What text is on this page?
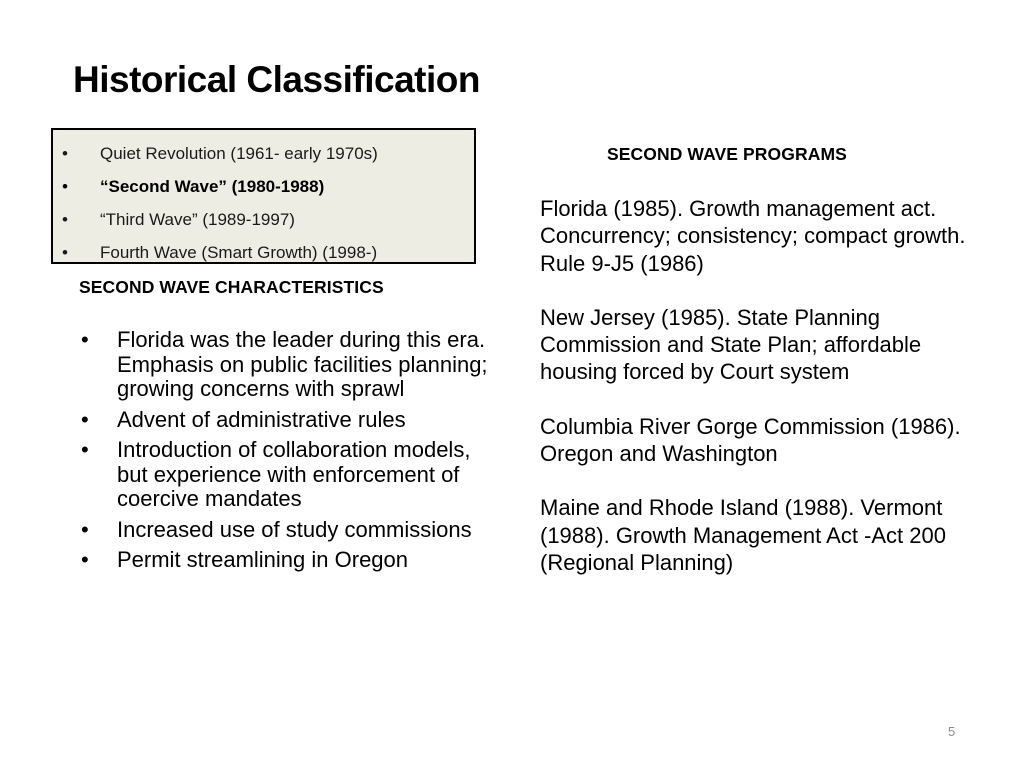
Historical Classification
• Quiet Revolution (1961- early 1970s)
• “Second Wave” (1980-1988)
• “Third Wave” (1989-1997)
• Fourth Wave (Smart Growth) (1998-)
SECOND WAVE CHARACTERISTICS
• Florida was the leader during this era. Emphasis on public facilities planning; growing concerns with sprawl
• Advent of administrative rules
• Introduction of collaboration models, but experience with enforcement of coercive mandates
• Increased use of study commissions
• Permit streamlining in Oregon
SECOND WAVE PROGRAMS

Florida (1985). Growth management act. Concurrency; consistency; compact growth. Rule 9-J5 (1986)

New Jersey (1985). State Planning Commission and State Plan; affordable housing forced by Court system

Columbia River Gorge Commission (1986). Oregon and Washington

Maine and Rhode Island (1988). Vermont (1988). Growth Management Act -Act 200 (Regional Planning)

5
